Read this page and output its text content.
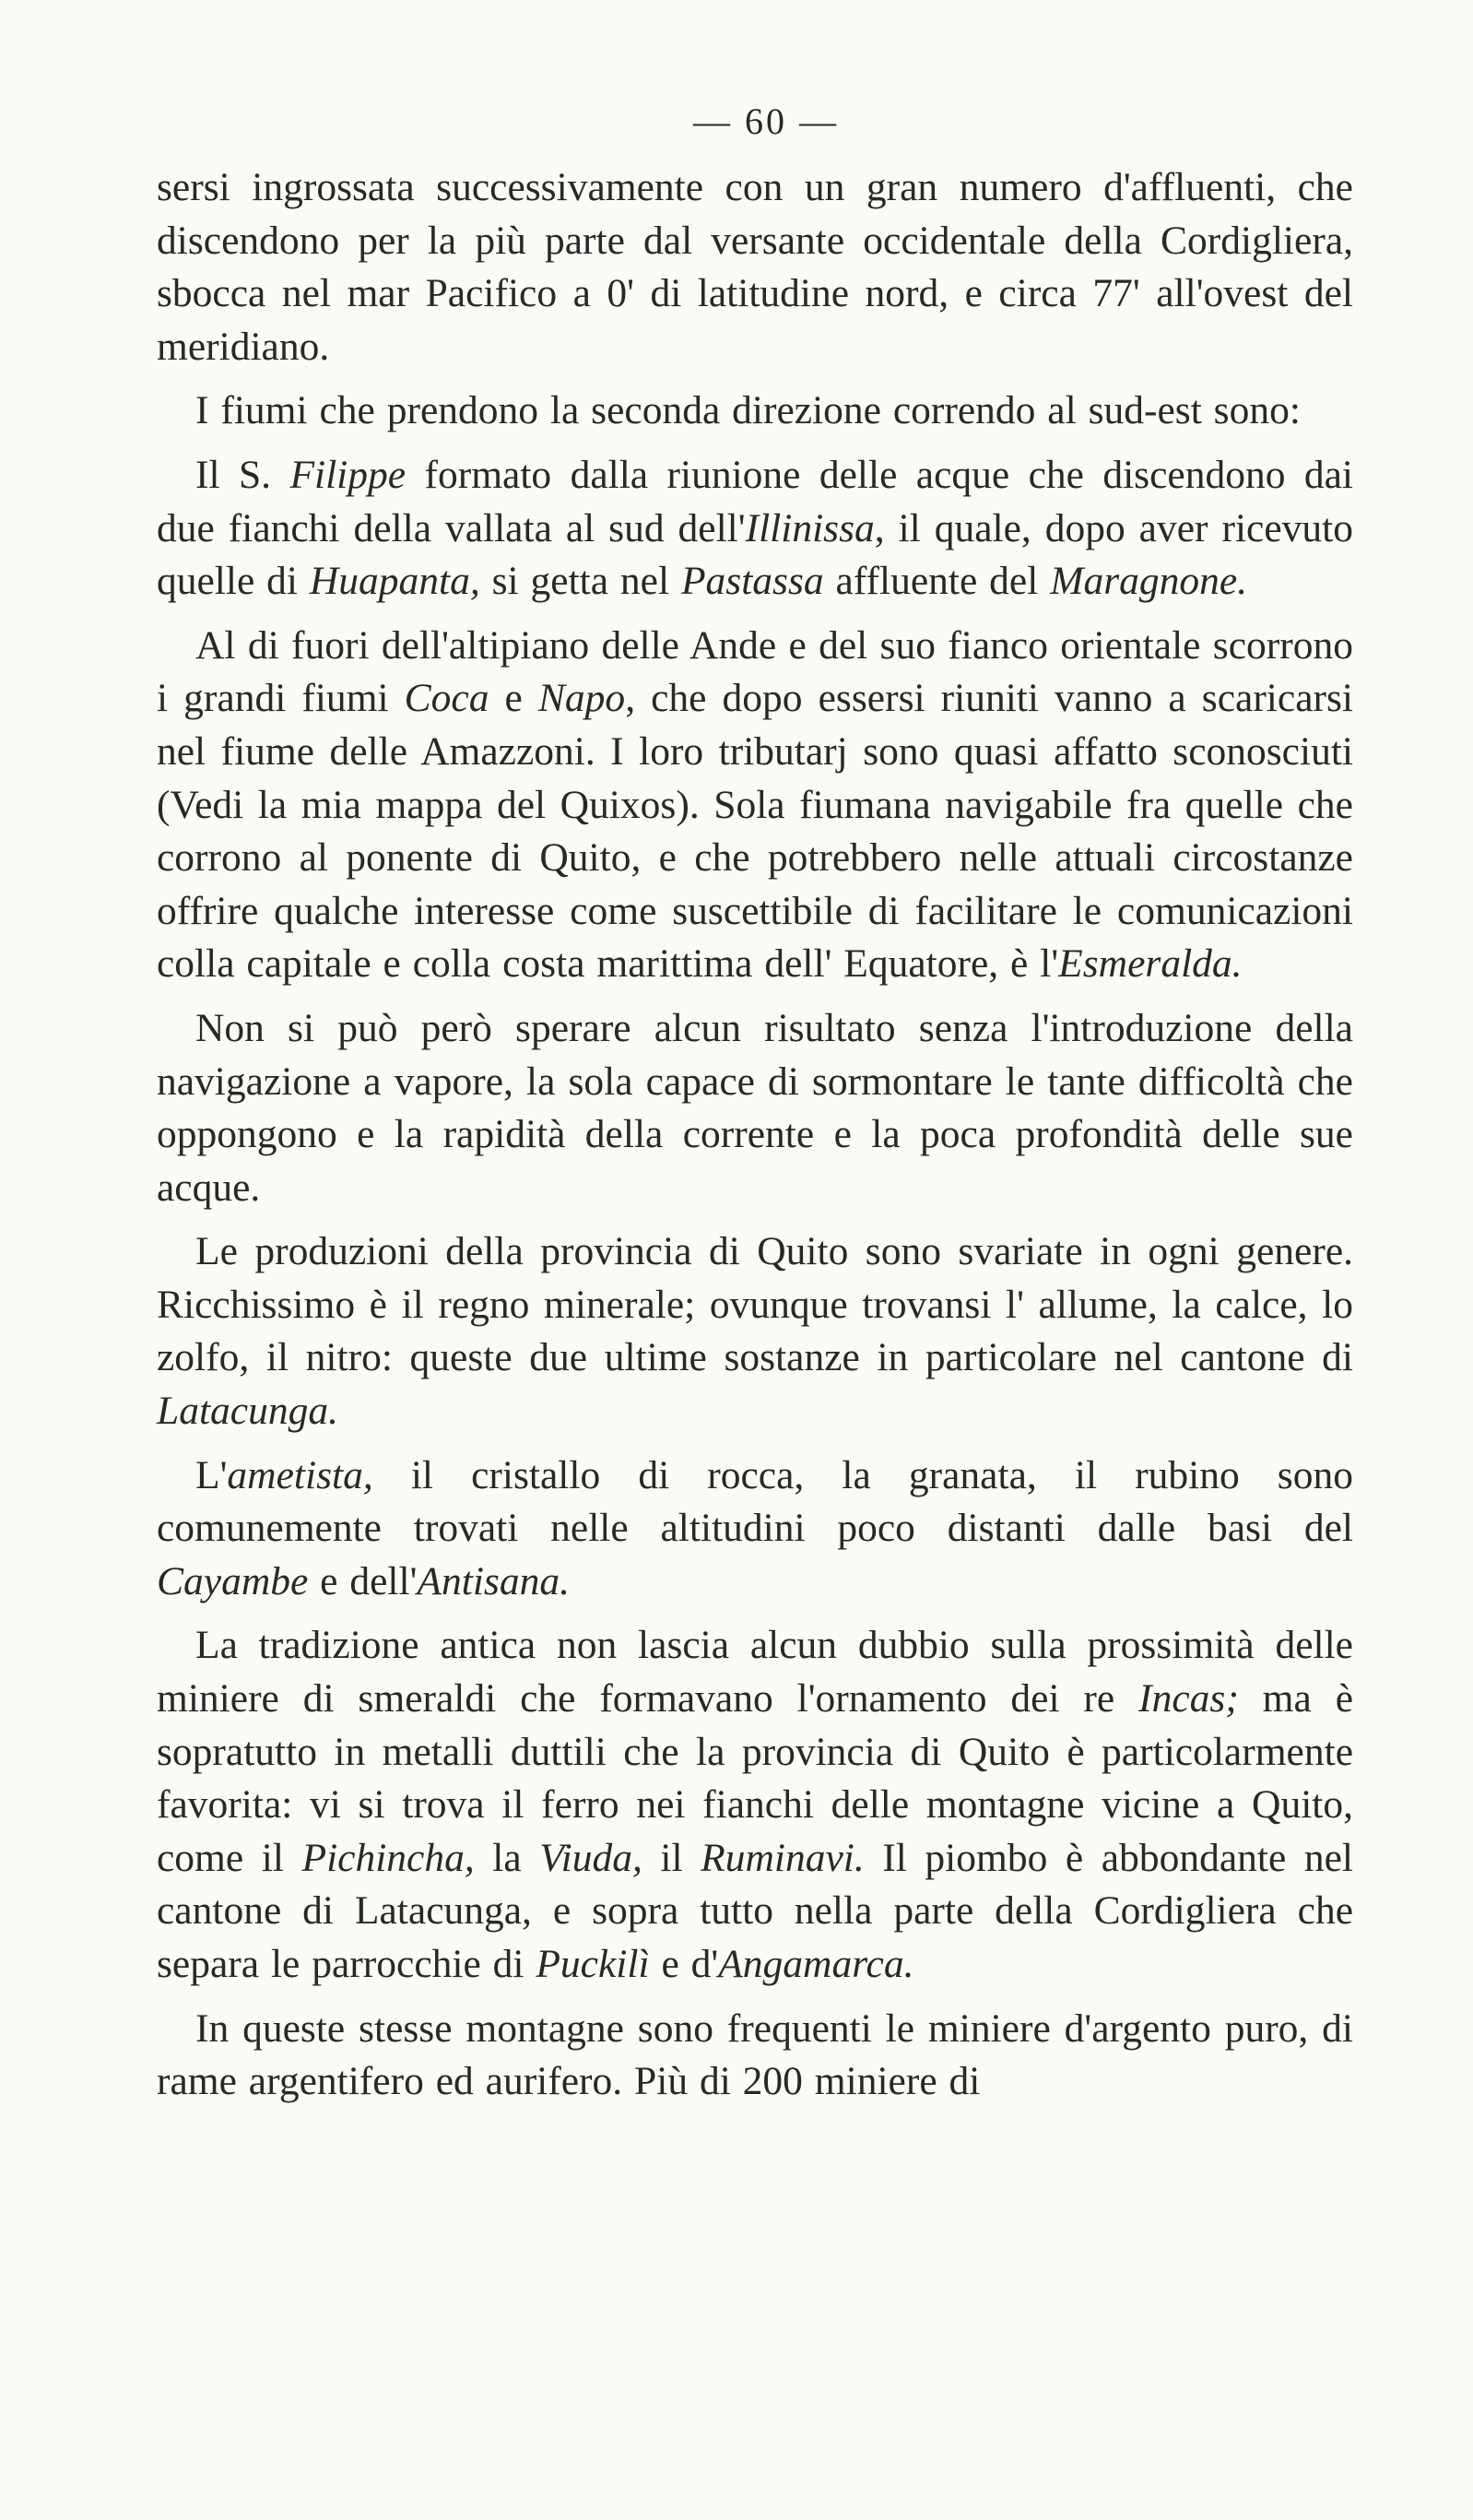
— 60 —

sersi ingrossata successivamente con un gran numero d'affluenti, che discendono per la più parte dal versante occidentale della Cordigliera, sbocca nel mar Pacifico a 0' di latitudine nord, e circa 77' all'ovest del meridiano.

I fiumi che prendono la seconda direzione correndo al sud-est sono:

Il S. Filippe formato dalla riunione delle acque che discendono dai due fianchi della vallata al sud dell'Illinissa, il quale, dopo aver ricevuto quelle di Huapanta, si getta nel Pastassa affluente del Maragnone.

Al di fuori dell'altipiano delle Ande e del suo fianco orientale scorrono i grandi fiumi Coca e Napo, che dopo essersi riuniti vanno a scaricarsi nel fiume delle Amazzoni. I loro tributarj sono quasi affatto sconosciuti (Vedi la mia mappa del Quixos). Sola fiumana navigabile fra quelle che corrono al ponente di Quito, e che potrebbero nelle attuali circostanze offrire qualche interesse come suscettibile di facilitare le comunicazioni colla capitale e colla costa marittima dell' Equatore, è l'Esmeralda.

Non si può però sperare alcun risultato senza l'introduzione della navigazione a vapore, la sola capace di sormontare le tante difficoltà che oppongono e la rapidità della corrente e la poca profondità delle sue acque.

Le produzioni della provincia di Quito sono svariate in ogni genere. Ricchissimo è il regno minerale; ovunque trovansi l' allume, la calce, lo zolfo, il nitro: queste due ultime sostanze in particolare nel cantone di Latacunga.

L'ametista, il cristallo di rocca, la granata, il rubino sono comunemente trovati nelle altitudini poco distanti dalle basi del Cayambe e dell'Antisana.

La tradizione antica non lascia alcun dubbio sulla prossimità delle miniere di smeraldi che formavano l'ornamento dei re Incas; ma è sopratutto in metalli duttili che la provincia di Quito è particolarmente favorita: vi si trova il ferro nei fianchi delle montagne vicine a Quito, come il Pichincha, la Viuda, il Ruminavi. Il piombo è abbondante nel cantone di Latacunga, e sopra tutto nella parte della Cordigliera che separa le parrocchie di Puckilì e d'Angamarca.

In queste stesse montagne sono frequenti le miniere d'argento puro, di rame argentifero ed aurifero. Più di 200 miniere di
